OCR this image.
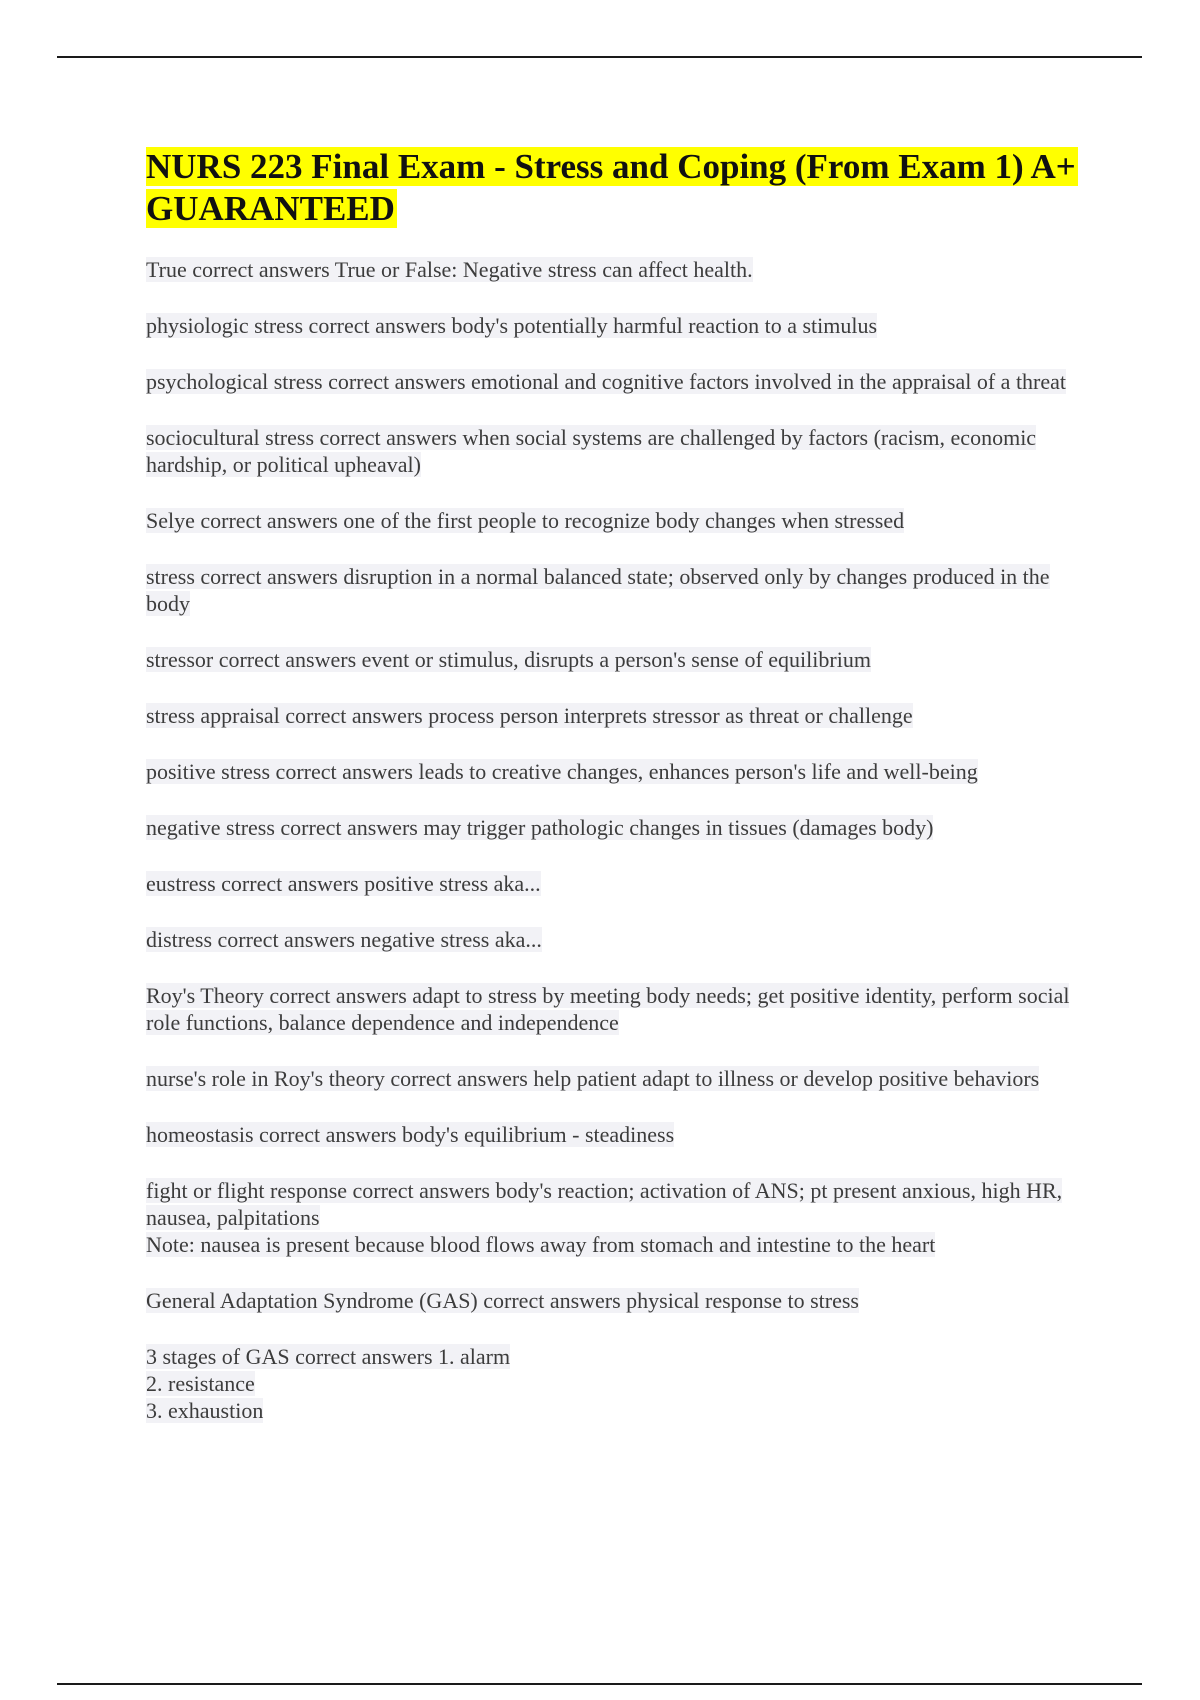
NURS 223 Final Exam - Stress and Coping (From Exam 1) A+ GUARANTEED
True correct answers True or False: Negative stress can affect health.
physiologic stress correct answers body's potentially harmful reaction to a stimulus
psychological stress correct answers emotional and cognitive factors involved in the appraisal of a threat
sociocultural stress correct answers when social systems are challenged by factors (racism, economic hardship, or political upheaval)
Selye correct answers one of the first people to recognize body changes when stressed
stress correct answers disruption in a normal balanced state; observed only by changes produced in the body
stressor correct answers event or stimulus, disrupts a person's sense of equilibrium
stress appraisal correct answers process person interprets stressor as threat or challenge
positive stress correct answers leads to creative changes, enhances person's life and well-being
negative stress correct answers may trigger pathologic changes in tissues (damages body)
eustress correct answers positive stress aka...
distress correct answers negative stress aka...
Roy's Theory correct answers adapt to stress by meeting body needs; get positive identity, perform social role functions, balance dependence and independence
nurse's role in Roy's theory correct answers help patient adapt to illness or develop positive behaviors
homeostasis correct answers body's equilibrium - steadiness
fight or flight response correct answers body's reaction; activation of ANS; pt present anxious, high HR, nausea, palpitations
Note: nausea is present because blood flows away from stomach and intestine to the heart
General Adaptation Syndrome (GAS) correct answers physical response to stress
3 stages of GAS correct answers 1. alarm
2. resistance
3. exhaustion
